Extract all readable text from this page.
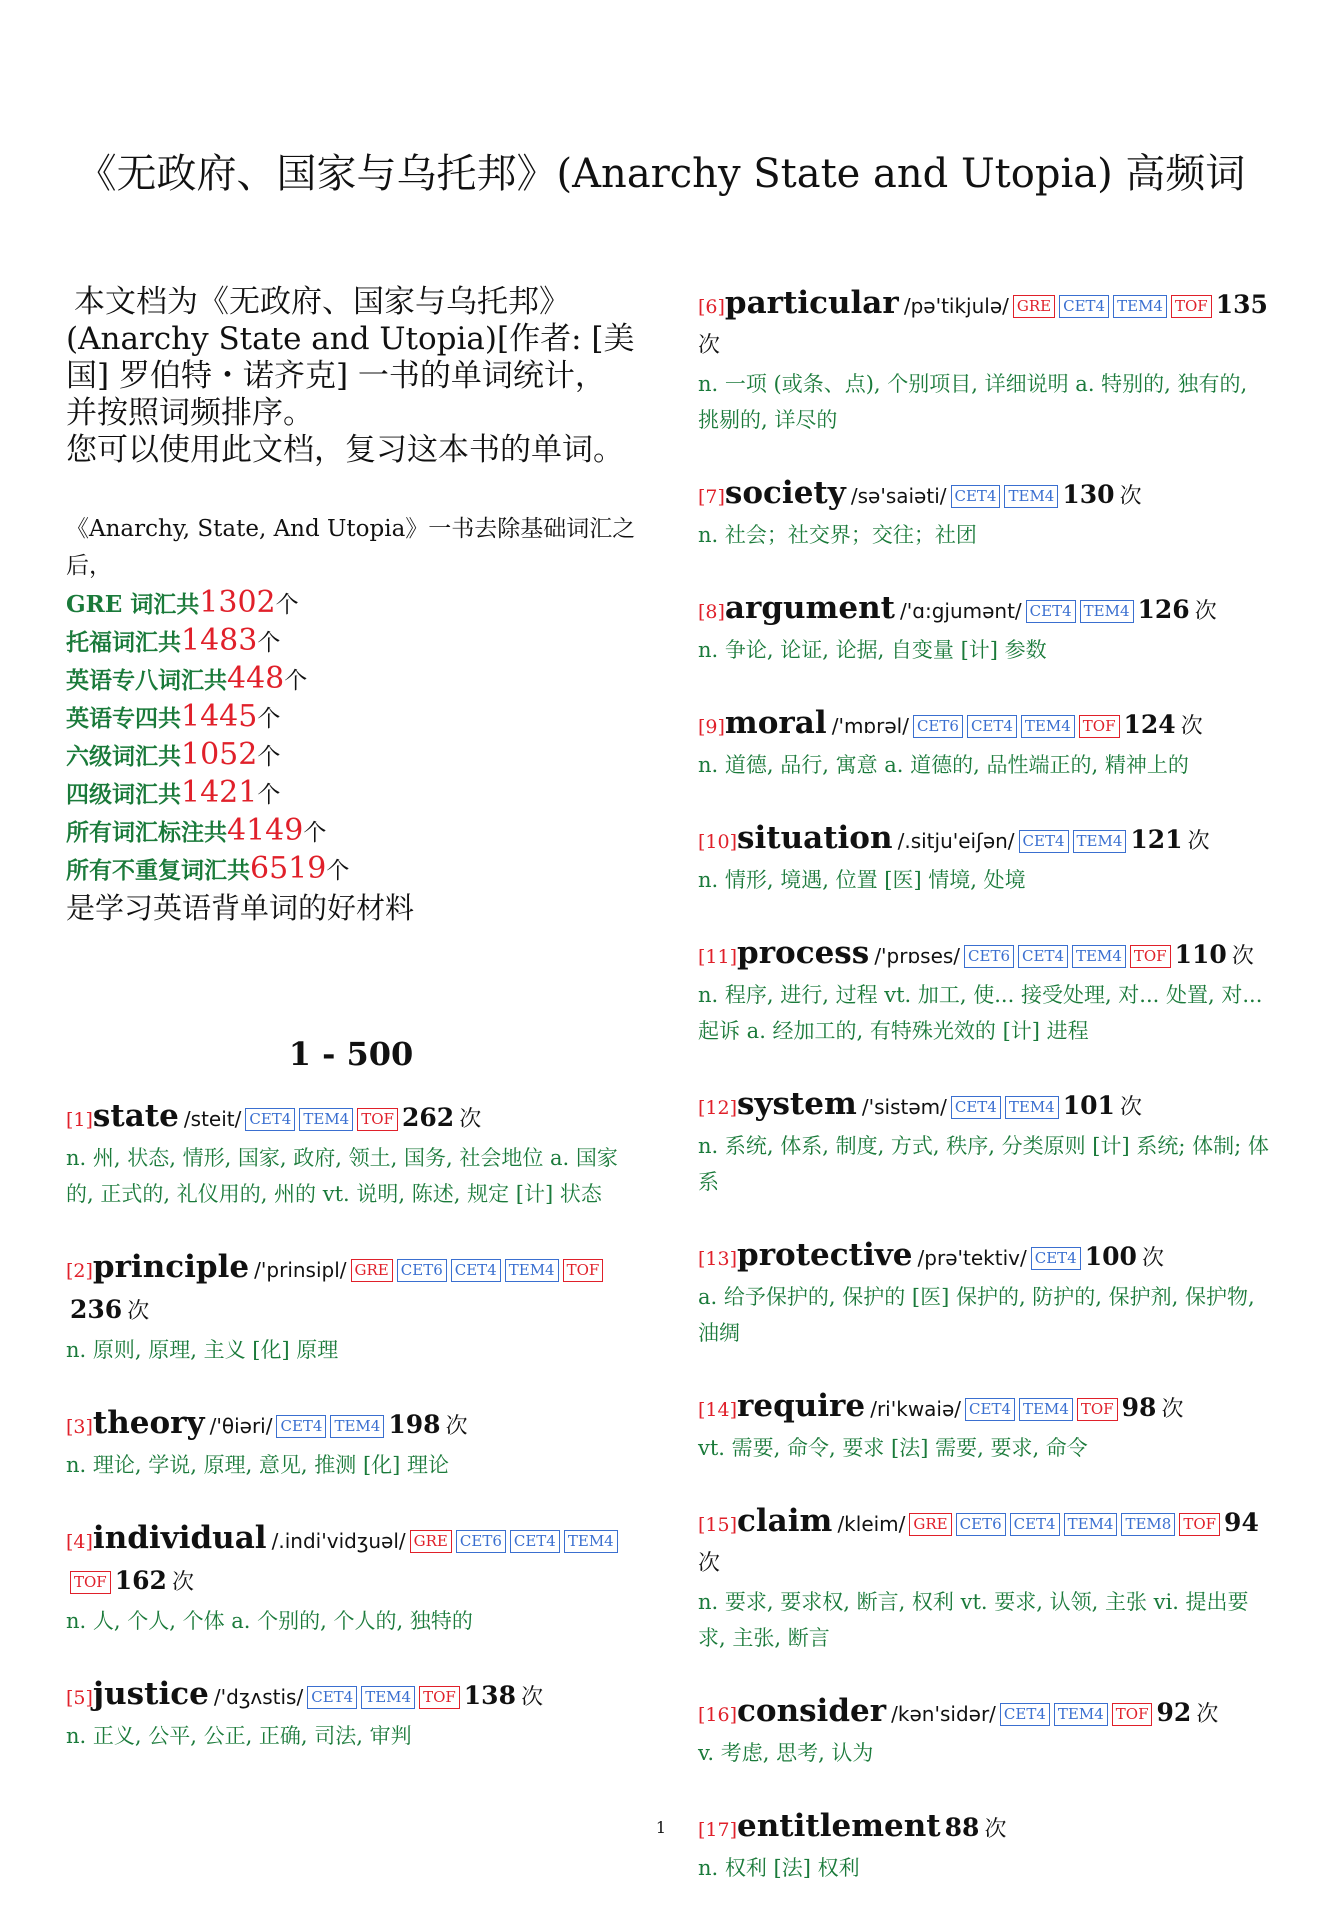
《无政府、国家与乌托邦》(Anarchy State and Utopia) 高频词

本文档为《无政府、国家与乌托邦》(Anarchy State and Utopia)[作者: [美国] 罗伯特・诺齐克] 一书的单词统计，并按照词频排序。

您可以使用此文档，复习这本书的单词。

《Anarchy, State, And Utopia》一书去除基础词汇之后，
GRE 词汇共1302个
托福词汇共1483个
英语专八词汇共448个
英语专四共1445个
六级词汇共1052个
四级词汇共1421个
所有词汇标注共4149个
所有不重复词汇共6519个
是学习英语背单词的好材料
1 - 500
[1]state /steit/ CET4 TEM4 TOF 262 次
n. 州, 状态, 情形, 国家, 政府, 领土, 国务, 社会地位 a. 国家的, 正式的, 礼仪用的, 州的 vt. 说明, 陈述, 规定 [计] 状态
[2]principle /'prinsipl/ GRE CET6 CET4 TEM4 TOF236 次
n. 原则, 原理, 主义 [化] 原理
[3]theory /'θiəri/ CET4 TEM4 198 次
n. 理论, 学说, 原理, 意见, 推测 [化] 理论
[4]individual /.indi'vidʒuəl/ GRE CET6 CET4 TEM4TOF 162 次
n. 人, 个人, 个体 a. 个别的, 个人的, 独特的
[5]justice /'dʒʌstis/ CET4 TEM4 TOF 138 次
n. 正义, 公平, 公正, 正确, 司法, 审判
[6]particular /pə'tikjulə/ GRE CET4 TEM4 TOF 135 次
n. 一项 (或条、点), 个别项目, 详细说明 a. 特别的, 独有的, 挑剔的, 详尽的
[7]society /sə'saiəti/ CET4 TEM4 130 次
n. 社会；社交界；交往；社团
[8]argument /'ɑ:gjumənt/ CET4 TEM4 126 次
n. 争论, 论证, 论据, 自变量 [计] 参数
[9]moral /'mɒrəl/ CET6 CET4 TEM4 TOF 124 次
n. 道德, 品行, 寓意 a. 道德的, 品性端正的, 精神上的
[10]situation /.sitju'eiʃən/ CET4 TEM4 121 次
n. 情形, 境遇, 位置 [医] 情境, 处境
[11]process /'prɒses/ CET6 CET4 TEM4 TOF 110 次
n. 程序, 进行, 过程 vt. 加工, 使... 接受处理, 对... 处置, 对... 起诉 a. 经加工的, 有特殊光效的 [计] 进程
[12]system /'sistəm/ CET4 TEM4 101 次
n. 系统, 体系, 制度, 方式, 秩序, 分类原则 [计] 系统; 体制; 体系
[13]protective /prə'tektiv/ CET4 100 次
a. 给予保护的, 保护的 [医] 保护的, 防护的, 保护剂, 保护物, 油绸
[14]require /ri'kwaiə/ CET4 TEM4 TOF 98 次
vt. 需要, 命令, 要求 [法] 需要, 要求, 命令
[15]claim /kleim/ GRE CET6 CET4 TEM4 TEM8 TOF 94 次
n. 要求, 要求权, 断言, 权利 vt. 要求, 认领, 主张 vi. 提出要求, 主张, 断言
[16]consider /kən'sidər/ CET4 TEM4 TOF 92 次
v. 考虑, 思考, 认为
[17]entitlement 88 次
n. 权利 [法] 权利
1
